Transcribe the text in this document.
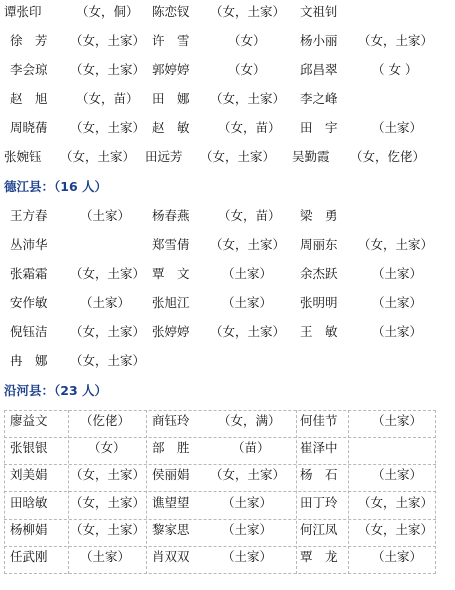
谭张印	（女，侗） 陈恋钗 （女，土家） 文祖钊
徐　芳 （女，土家） 许　雪	（女）	杨小丽 （女，土家）
李会琼 （女，土家） 郭婷婷	（女）	邱昌翠	（ 女 ）
赵　旭 （女，苗） 田　娜 （女，土家） 李之峰
周晓蒨 （女，土家） 赵　敏 （女，苗） 田　宇	（土家）
张婉钰 （女，土家） 田远芳 （女，土家） 吴勤霞 （女，仡佬）
德江县：（16 人）
王方春	（土家） 杨春燕 （女，苗） 梁　勇
丛沛华	郑雪倩 （女，土家） 周丽东 （女，土家）
张霜霜 （女，土家） 覃　文	（土家） 余杰跃	（土家）
安作敏	（土家） 张旭江	（土家） 张明明	（土家）
倪钰洁 （女，土家） 张婷婷 （女，土家） 王　敏	（土家）
冉　娜 （女，土家）
沿河县：（23 人）
廖益文	（仡佬） 商钰玲 （女，满） 何佳节	（土家）
张银银	（女） 部　胜	（苗） 崔泽中
刘美娟 （女，土家） 侯丽娟 （女，土家） 杨　石	（土家）
田晗敏 （女，土家） 谯望望	（土家） 田丁玲 （女，土家）
杨柳娟 （女，土家） 黎家思	（土家） 何江凤 （女，土家）
任武刚	（土家） 肖双双	（土家） 覃　龙	（土家）
